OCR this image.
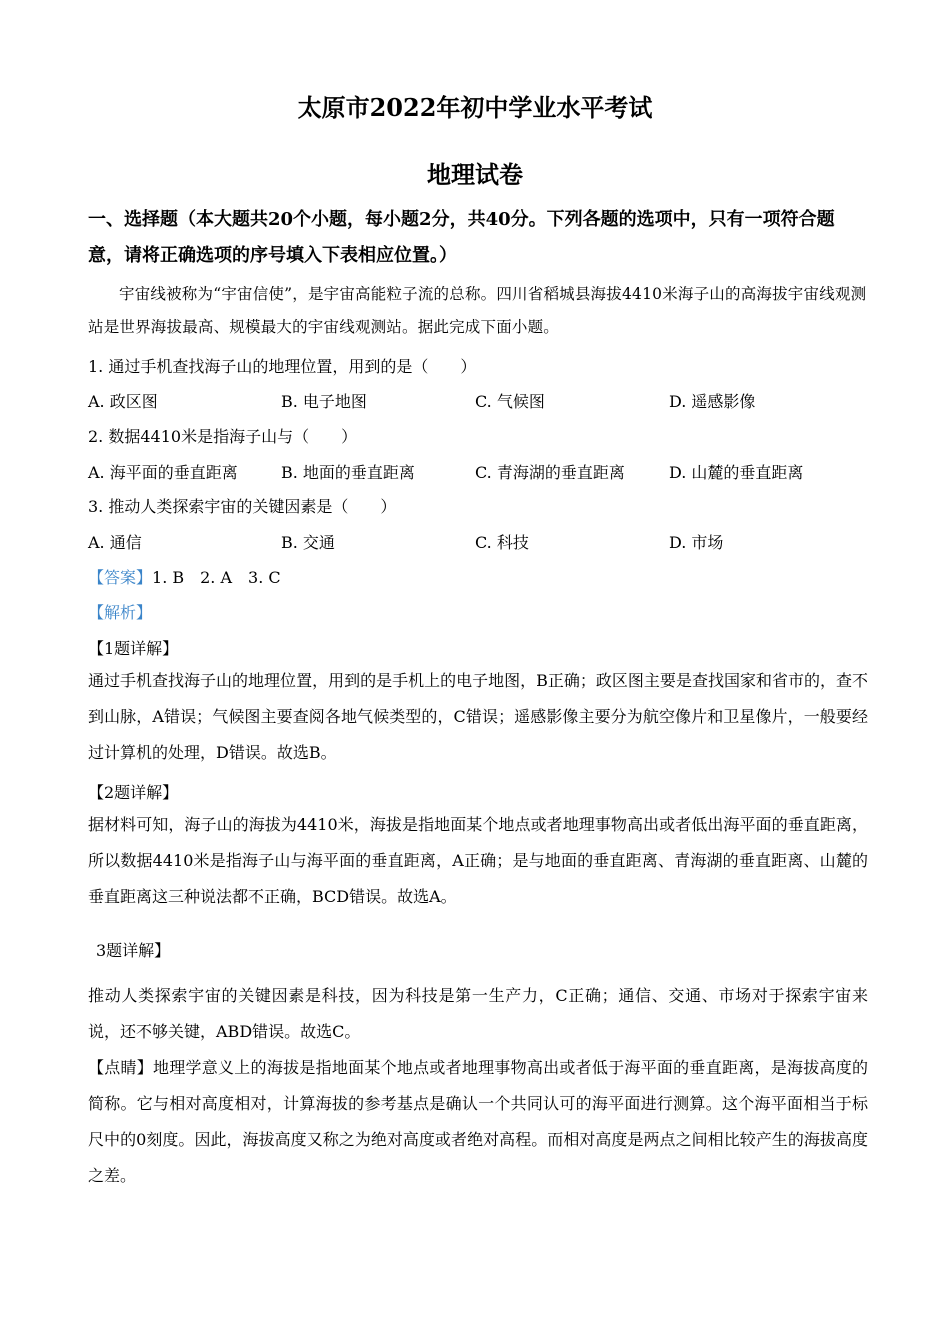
太原市2022年初中学业水平考试
地理试卷
一、选择题（本大题共20个小题，每小题2分，共40分。下列各题的选项中，只有一项符合题意，请将正确选项的序号填入下表相应位置。）
宇宙线被称为“宇宙信使”，是宇宙高能粒子流的总称。四川省稻城县海拔4410米海子山的高海拔宇宙线观测站是世界海拔最高、规模最大的宇宙线观测站。据此完成下面小题。
1. 通过手机查找海子山的地理位置，用到的是（　　）
A. 政区图	B. 电子地图	C. 气候图	D. 遥感影像
2. 数据4410米是指海子山与（　　）
A. 海平面的垂直距离	B. 地面的垂直距离	C. 青海湖的垂直距离	D. 山麓的垂直距离
3. 推动人类探索宇宙的关键因素是（　　）
A. 通信	B. 交通	C. 科技	D. 市场
【答案】1. B　2. A　3. C
【解析】
【1题详解】
通过手机查找海子山的地理位置，用到的是手机上的电子地图，B正确；政区图主要是查找国家和省市的，查不到山脉，A错误；气候图主要查阅各地气候类型的，C错误；遥感影像主要分为航空像片和卫星像片，一般要经过计算机的处理，D错误。故选B。
【2题详解】
据材料可知，海子山的海拔为4410米，海拔是指地面某个地点或者地理事物高出或者低出海平面的垂直距离，所以数据4410米是指海子山与海平面的垂直距离，A正确；是与地面的垂直距离、青海湖的垂直距离、山麓的垂直距离这三种说法都不正确，BCD错误。故选A。
3题详解】
推动人类探索宇宙的关键因素是科技，因为科技是第一生产力，C正确；通信、交通、市场对于探索宇宙来说，还不够关键，ABD错误。故选C。
【点睛】地理学意义上的海拔是指地面某个地点或者地理事物高出或者低于海平面的垂直距离，是海拔高度的简称。它与相对高度相对，计算海拔的参考基点是确认一个共同认可的海平面进行测算。这个海平面相当于标尺中的0刻度。因此，海拔高度又称之为绝对高度或者绝对高程。而相对高度是两点之间相比较产生的海拔高度之差。
